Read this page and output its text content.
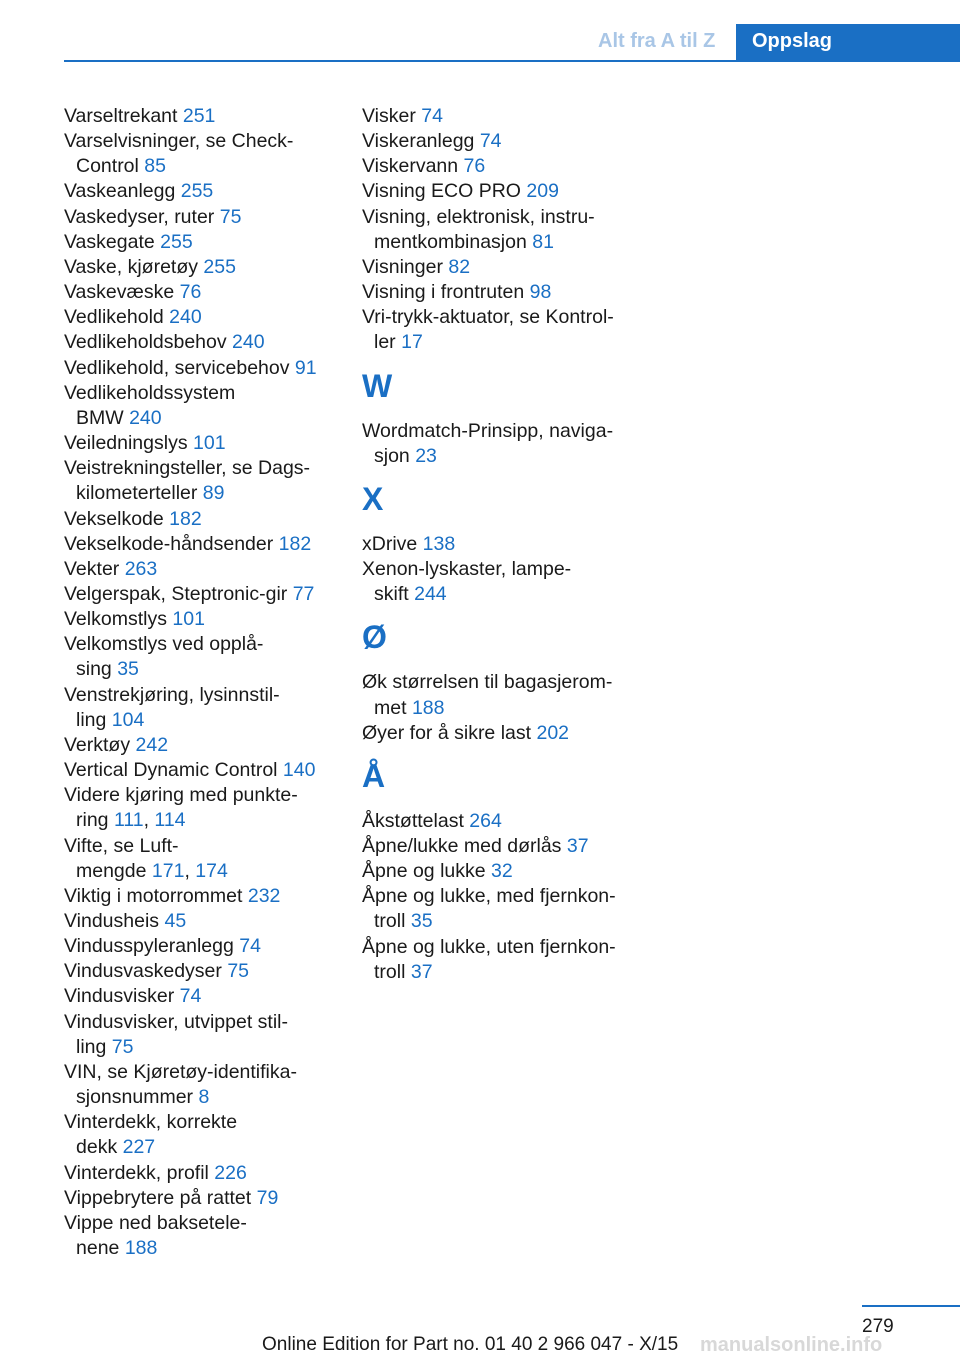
Alt fra A til Z	Oppslag
Varseltrekant 251
Varselvisninger, se Check-
Control 85
Vaskeanlegg 255
Vaskedyser, ruter 75
Vaskegate 255
Vaske, kjøretøy 255
Vaskevæske 76
Vedlikehold 240
Vedlikeholdsbehov 240
Vedlikehold, servicebehov 91
Vedlikeholdssystem
BMW 240
Veiledningslys 101
Veistrekningsteller, se Dags-
kilometerteller 89
Vekselkode 182
Vekselkode-håndsender 182
Vekter 263
Velgerspak, Steptronic-gir 77
Velkomstlys 101
Velkomstlys ved opplå-
sing 35
Venstrekjøring, lysinnstil-
ling 104
Verktøy 242
Vertical Dynamic Control 140
Videre kjøring med punkte-
ring 111, 114
Vifte, se Luft-
mengde 171, 174
Viktig i motorrommet 232
Vindusheis 45
Vindusspyleranlegg 74
Vindusvaskedyser 75
Vindusvisker 74
Vindusvisker, utvippet stil-
ling 75
VIN, se Kjøretøy-identifika-
sjonsnummer 8
Vinterdekk, korrekte
dekk 227
Vinterdekk, profil 226
Vippebrytere på rattet 79
Vippe ned baksetele-
nene 188
Visker 74
Viskeranlegg 74
Viskervann 76
Visning ECO PRO 209
Visning, elektronisk, instru-
mentkombinasjon 81
Visninger 82
Visning i frontruten 98
Vri-trykk-aktuator, se Kontrol-
ler 17
W
Wordmatch-Prinsipp, naviga-
sjon 23
X
xDrive 138
Xenon-lyskaster, lampe-
skift 244
Ø
Øk størrelsen til bagasjerom-
met 188
Øyer for å sikre last 202
Å
Åkstøttelast 264
Åpne/lukke med dørlås 37
Åpne og lukke 32
Åpne og lukke, med fjernkon-
troll 35
Åpne og lukke, uten fjernkon-
troll 37
279
Online Edition for Part no. 01 40 2 966 047 - X/15 manualsonline.info
